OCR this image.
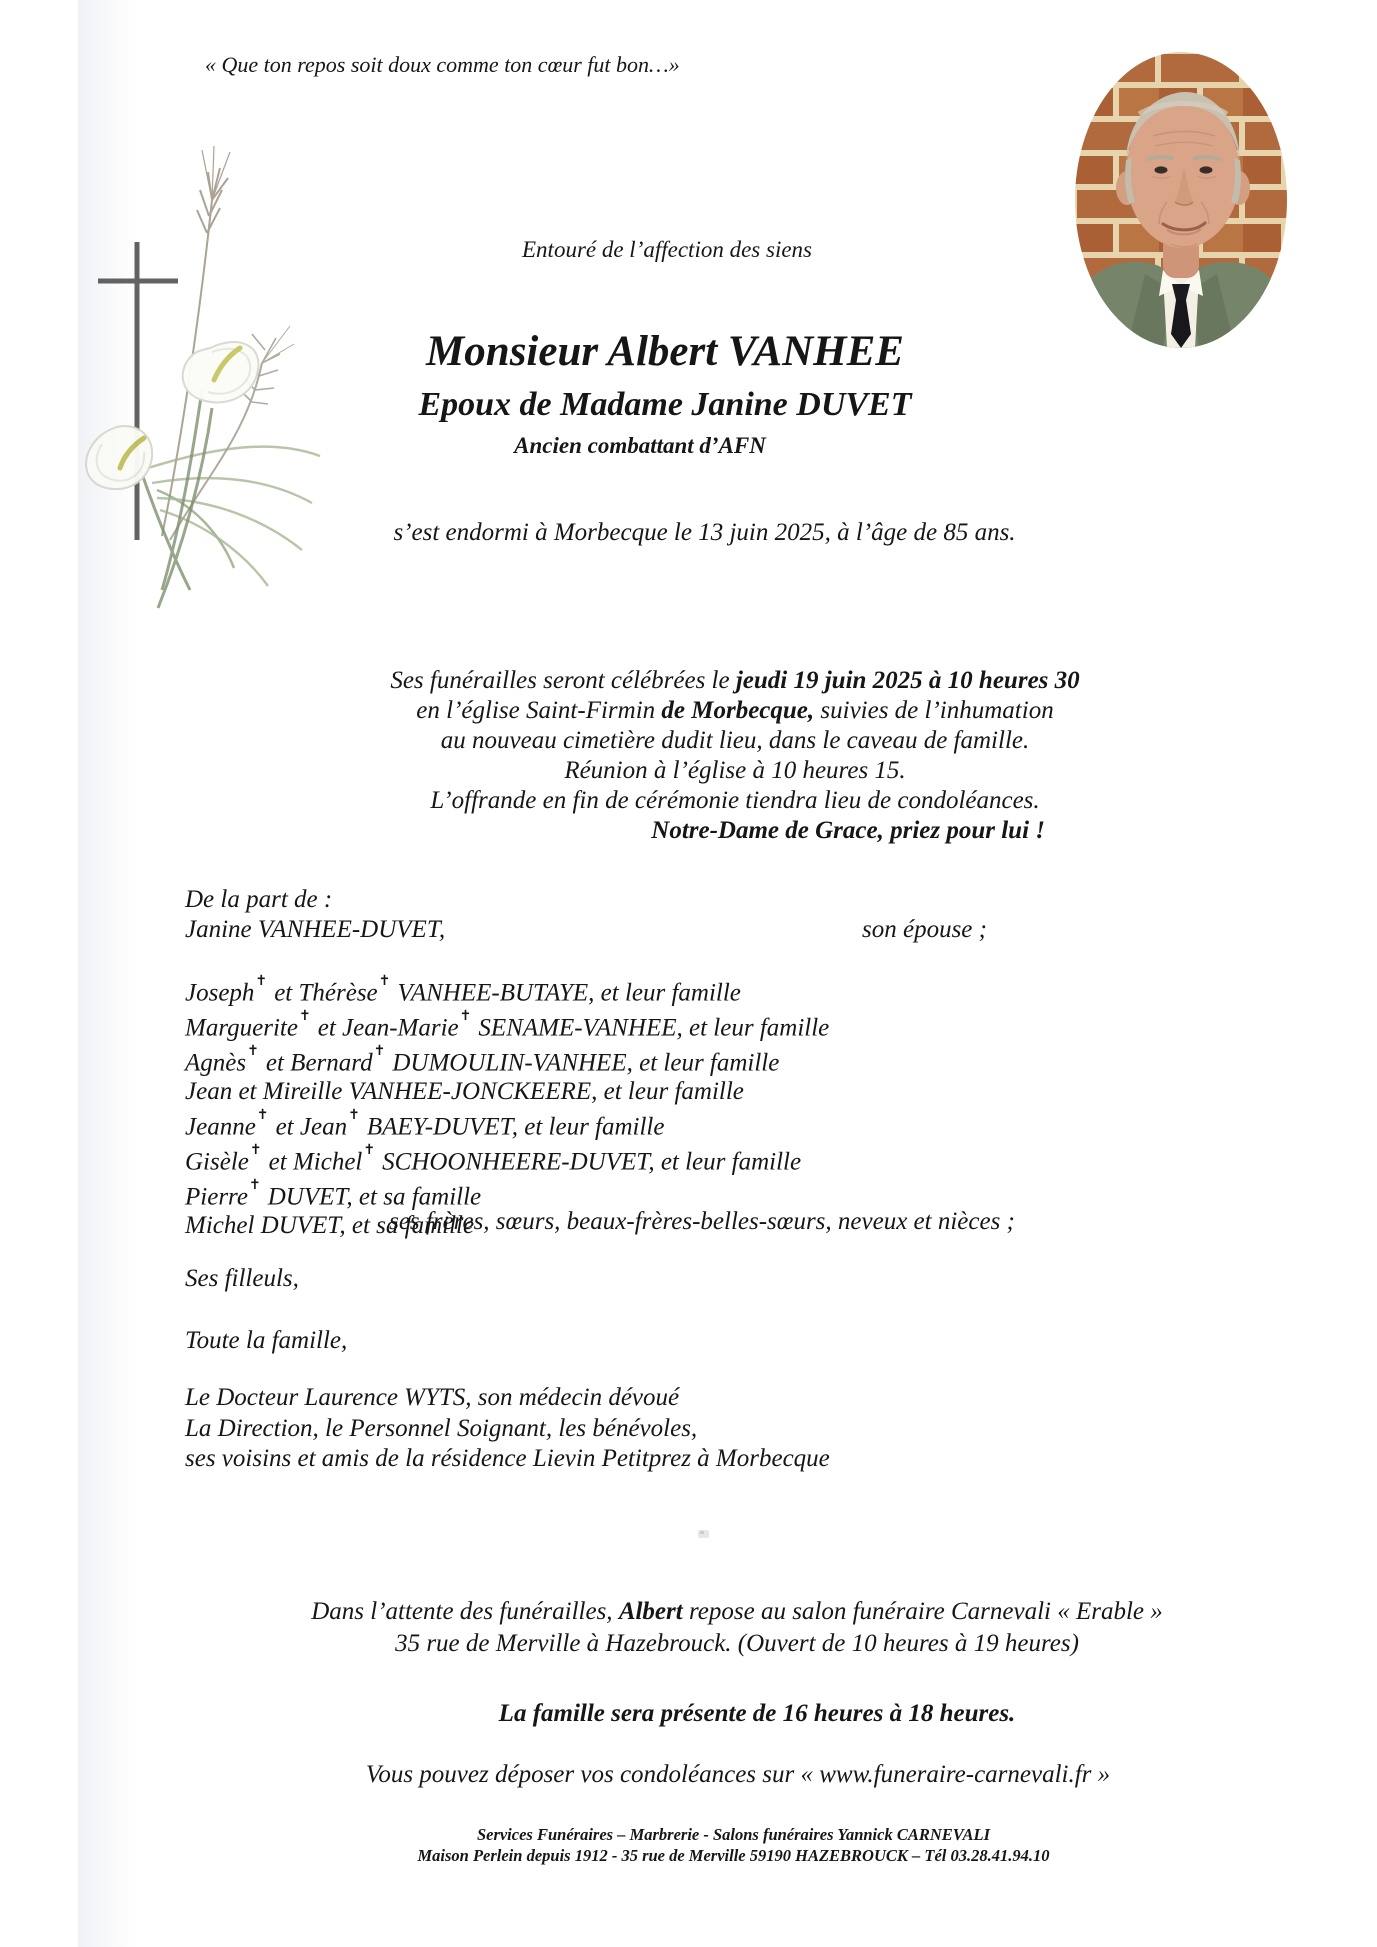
« Que ton repos soit doux comme ton cœur fut bon…»
Entouré de l’affection des siens
Monsieur Albert VANHEE
Epoux de Madame Janine DUVET
Ancien combattant d’AFN
s’est endormi à Morbecque le 13 juin 2025, à l’âge de 85 ans.
Ses funérailles seront célébrées le jeudi 19 juin 2025 à 10 heures 30
en l’église Saint-Firmin de Morbecque, suivies de l’inhumation
au nouveau cimetière dudit lieu, dans le caveau de famille.
Réunion à l’église à 10 heures 15.
L’offrande en fin de cérémonie tiendra lieu de condoléances.
Notre-Dame de Grace, priez pour lui !
De la part de :
Janine VANHEE-DUVET,	son épouse ;
Joseph✝ et Thérèse✝ VANHEE-BUTAYE, et leur famille
Marguerite✝ et Jean-Marie✝ SENAME-VANHEE, et leur famille
Agnès✝ et Bernard✝ DUMOULIN-VANHEE, et leur famille
Jean et Mireille VANHEE-JONCKEERE, et leur famille
Jeanne✝ et Jean✝ BAEY-DUVET, et leur famille
Gisèle✝ et Michel✝ SCHOONHEERE-DUVET, et leur famille
Pierre✝ DUVET, et sa famille
Michel DUVET, et sa famille
ses frères, sœurs, beaux-frères-belles-sœurs, neveux et nièces ;
Ses filleuls,
Toute la famille,
Le Docteur Laurence WYTS, son médecin dévoué
La Direction, le Personnel Soignant, les bénévoles,
ses voisins et amis de la résidence Lievin Petitprez à Morbecque
Dans l’attente des funérailles, Albert repose au salon funéraire Carnevali « Erable »
35 rue de Merville à Hazebrouck. (Ouvert de 10 heures à 19 heures)
La famille sera présente de 16 heures à 18 heures.
Vous pouvez déposer vos condoléances sur « www.funeraire-carnevali.fr »
Services Funéraires – Marbrerie - Salons funéraires Yannick CARNEVALI
Maison Perlein depuis 1912 - 35 rue de Merville 59190 HAZEBROUCK – Tél 03.28.41.94.10
